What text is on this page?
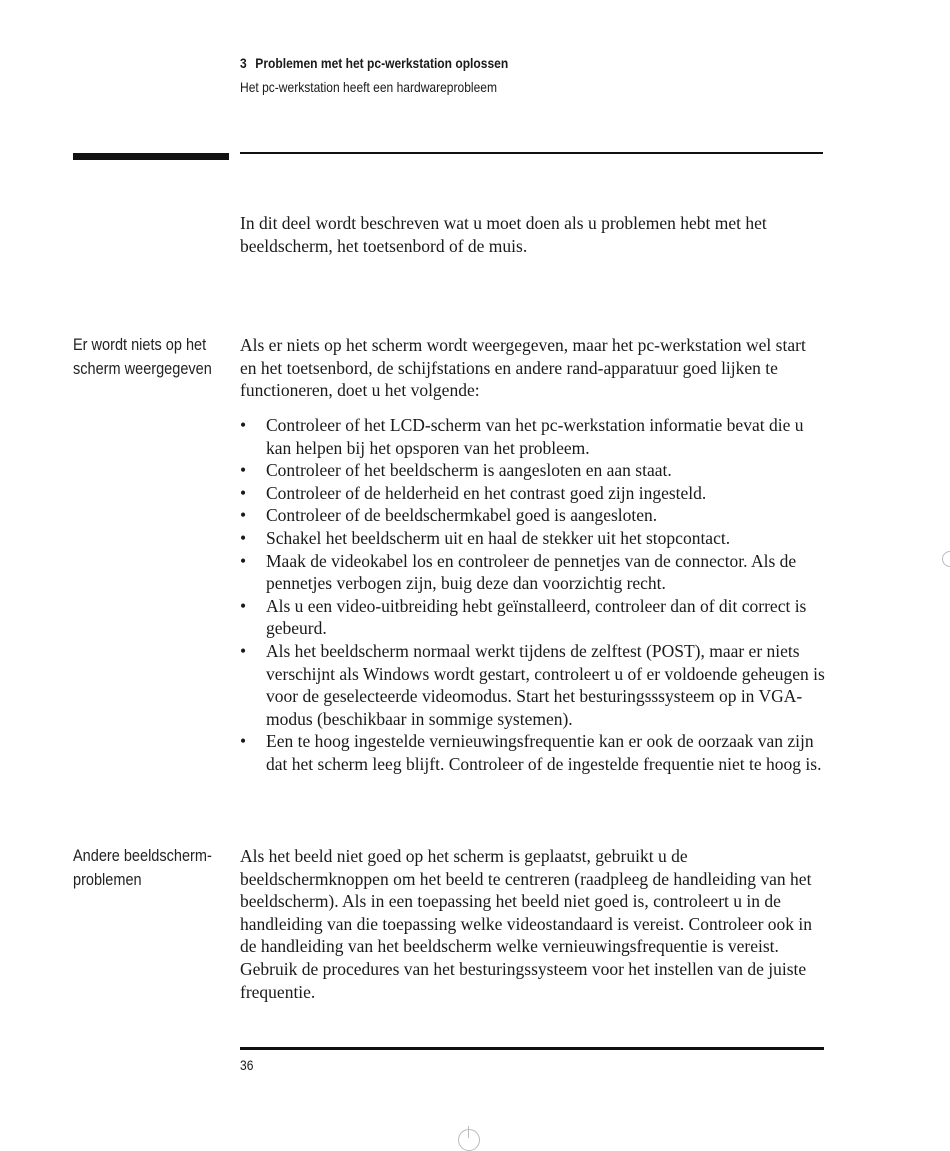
3 Problemen met het pc-werkstation oplossen
Het pc-werkstation heeft een hardwareprobleem
In dit deel wordt beschreven wat u moet doen als u problemen hebt met het beeldscherm, het toetsenbord of de muis.
Er wordt niets op het scherm weergegeven
Als er niets op het scherm wordt weergegeven, maar het pc-werkstation wel start en het toetsenbord, de schijfstations en andere rand-apparatuur goed lijken te functioneren, doet u het volgende:
•	Controleer of het LCD-scherm van het pc-werkstation informatie bevat die u kan helpen bij het opsporen van het probleem.
•	Controleer of het beeldscherm is aangesloten en aan staat.
•	Controleer of de helderheid en het contrast goed zijn ingesteld.
•	Controleer of de beeldschermkabel goed is aangesloten.
•	Schakel het beeldscherm uit en haal de stekker uit het stopcontact.
•	Maak de videokabel los en controleer de pennetjes van de connector. Als de pennetjes verbogen zijn, buig deze dan voorzichtig recht.
•	Als u een video-uitbreiding hebt geïnstalleerd, controleer dan of dit correct is gebeurd.
•	Als het beeldscherm normaal werkt tijdens de zelftest (POST), maar er niets verschijnt als Windows wordt gestart, controleert u of er voldoende geheugen is voor de geselecteerde videomodus. Start het besturingsssysteem op in VGA-modus (beschikbaar in sommige systemen).
•	Een te hoog ingestelde vernieuwingsfrequentie kan er ook de oorzaak van zijn dat het scherm leeg blijft. Controleer of de ingestelde frequentie niet te hoog is.
Andere beeldscherm-problemen
Als het beeld niet goed op het scherm is geplaatst, gebruikt u de beeldschermknoppen om het beeld te centreren (raadpleeg de handleiding van het beeldscherm). Als in een toepassing het beeld niet goed is, controleert u in de handleiding van die toepassing welke videostandaard is vereist. Controleer ook in de handleiding van het beeldscherm welke vernieuwingsfrequentie is vereist. Gebruik de procedures van het besturingssysteem voor het instellen van de juiste frequentie.
36
